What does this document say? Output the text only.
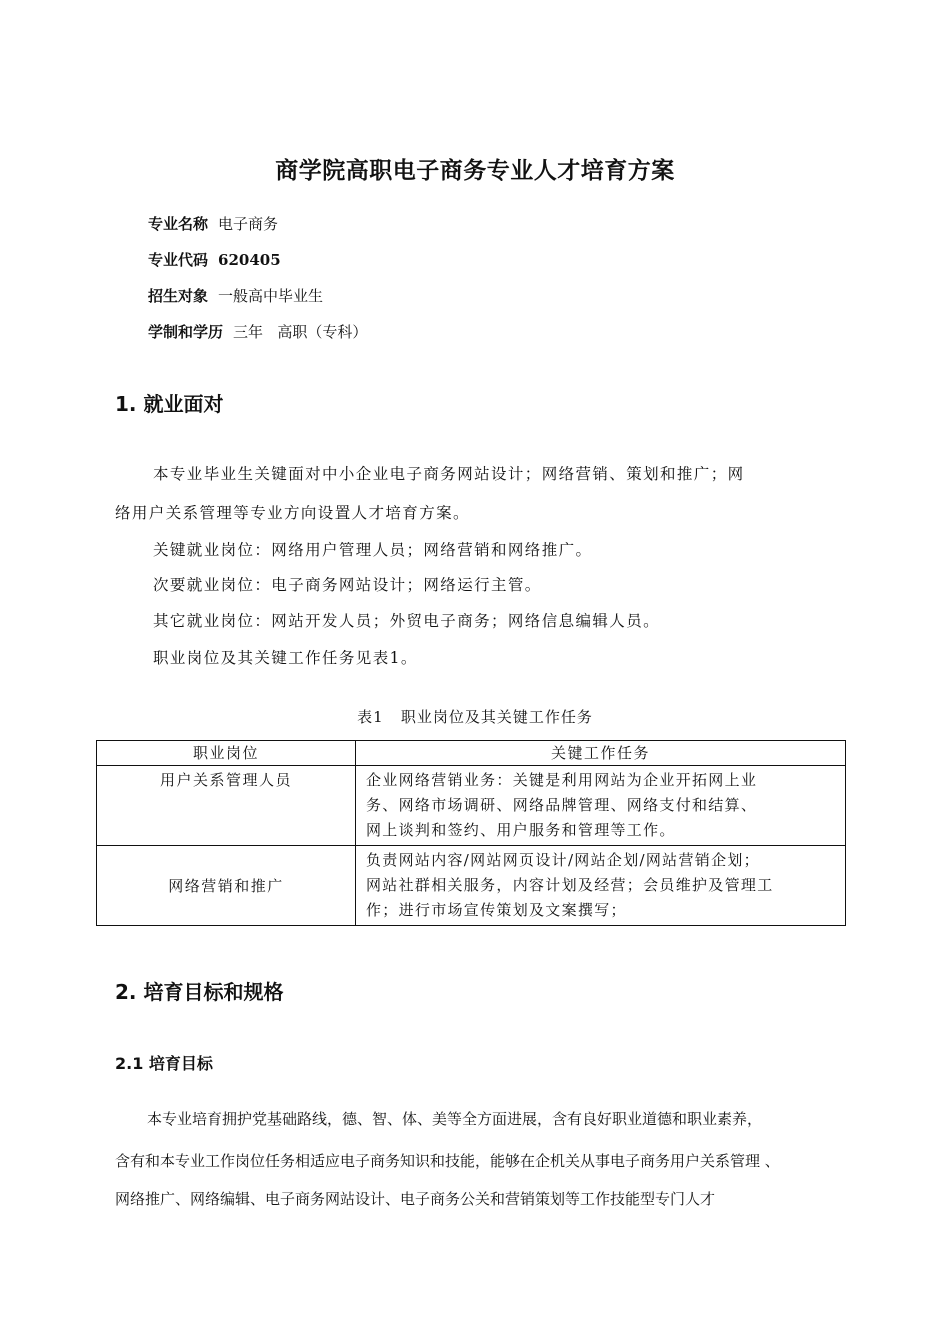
商学院高职电子商务专业人才培育方案
专业名称 电子商务
专业代码 620405
招生对象 一般高中毕业生
学制和学历 三年   高职（专科）
1. 就业面对
本专业毕业生关键面对中小企业电子商务网站设计；网络营销、策划和推广；网
络用户关系管理等专业方向设置人才培育方案。
关键就业岗位：网络用户管理人员；网络营销和网络推广。
次要就业岗位：电子商务网站设计；网络运行主管。
其它就业岗位：网站开发人员；外贸电子商务；网络信息编辑人员。
职业岗位及其关键工作任务见表1。
表1   职业岗位及其关键工作任务
职业岗位	关键工作任务
用户关系管理人员	企业网络营销业务：关键是利用网站为企业开拓网上业
务、网络市场调研、网络品牌管理、网络支付和结算、
网上谈判和签约、用户服务和管理等工作。

网络营销和推广	负责网站内容/网站网页设计/网站企划/网站营销企划；
网站社群相关服务，内容计划及经营；会员维护及管理工
作；进行市场宣传策划及文案撰写；
2. 培育目标和规格
2.1 培育目标
本专业培育拥护党基础路线，德、智、体、美等全方面进展，含有良好职业道德和职业素养，
含有和本专业工作岗位任务相适应电子商务知识和技能，能够在企机关从事电子商务用户关系管理 、
网络推广、网络编辑、电子商务网站设计、电子商务公关和营销策划等工作技能型专门人才
